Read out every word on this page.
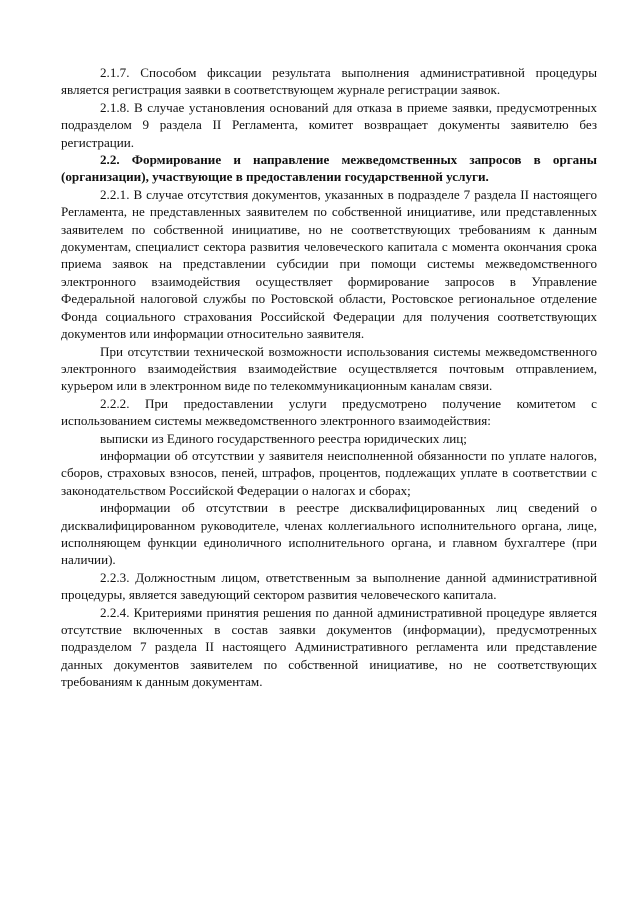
2.1.7. Способом фиксации результата выполнения административной процедуры является регистрация заявки в соответствующем журнале регистрации заявок.

2.1.8. В случае установления оснований для отказа в приеме заявки, предусмотренных подразделом 9 раздела II Регламента, комитет возвращает документы заявителю без регистрации.

2.2. Формирование и направление межведомственных запросов в органы (организации), участвующие в предоставлении государственной услуги.

2.2.1. В случае отсутствия документов, указанных в подразделе 7 раздела II настоящего Регламента, не представленных заявителем по собственной инициативе, или представленных заявителем по собственной инициативе, но не соответствующих требованиям к данным документам, специалист сектора развития человеческого капитала с момента окончания срока приема заявок на представлении субсидии при помощи системы межведомственного электронного взаимодействия осуществляет формирование запросов в Управление Федеральной налоговой службы по Ростовской области, Ростовское региональное отделение Фонда социального страхования Российской Федерации для получения соответствующих документов или информации относительно заявителя.

При отсутствии технической возможности использования системы межведомственного электронного взаимодействия взаимодействие осуществляется почтовым отправлением, курьером или в электронном виде по телекоммуникационным каналам связи.

2.2.2. При предоставлении услуги предусмотрено получение комитетом с использованием системы межведомственного электронного взаимодействия:

выписки из Единого государственного реестра юридических лиц;

информации об отсутствии у заявителя неисполненной обязанности по уплате налогов, сборов, страховых взносов, пеней, штрафов, процентов, подлежащих уплате в соответствии с законодательством Российской Федерации о налогах и сборах;

информации об отсутствии в реестре дисквалифицированных лиц сведений о дисквалифицированном руководителе, членах коллегиального исполнительного органа, лице, исполняющем функции единоличного исполнительного органа, и главном бухгалтере (при наличии).

2.2.3. Должностным лицом, ответственным за выполнение данной административной процедуры, является заведующий сектором развития человеческого капитала.

2.2.4. Критериями принятия решения по данной административной процедуре является отсутствие включенных в состав заявки документов (информации), предусмотренных подразделом 7 раздела II настоящего Административного регламента или представление данных документов заявителем по собственной инициативе, но не соответствующих требованиям к данным документам.
